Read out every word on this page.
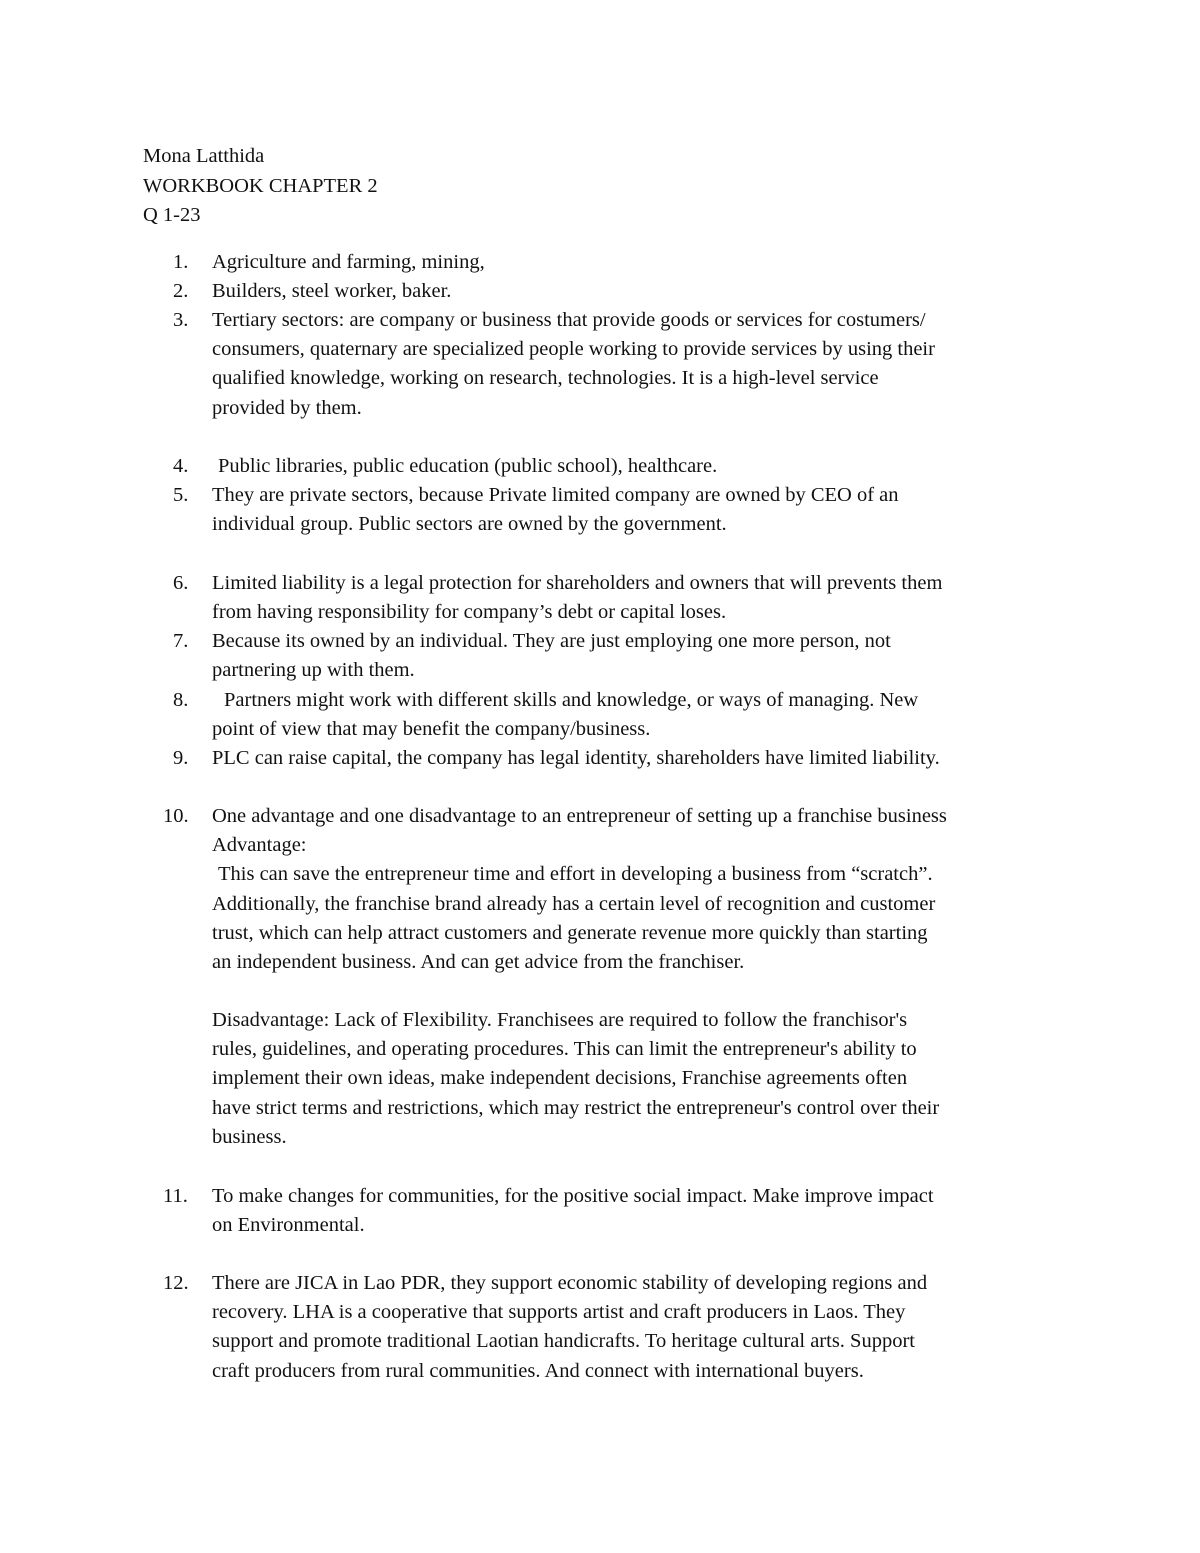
Mona Latthida
WORKBOOK CHAPTER 2
Q 1-23
1.	Agriculture and farming, mining,
2.	Builders, steel worker, baker.
3.	Tertiary sectors: are company or business that provide goods or services for costumers/
consumers, quaternary are specialized people working to provide services by using their
qualified knowledge, working on research, technologies. It is a high-level service
provided by them.
4.	Public libraries, public education (public school), healthcare.
5.	They are private sectors, because Private limited company are owned by CEO of an
individual group. Public sectors are owned by the government.
6.	Limited liability is a legal protection for shareholders and owners that will prevents them
from having responsibility for company’s debt or capital loses.
7.	Because its owned by an individual. They are just employing one more person, not
partnering up with them.
8.	Partners might work with different skills and knowledge, or ways of managing. New
point of view that may benefit the company/business.
9.	PLC can raise capital, the company has legal identity, shareholders have limited liability.
10.	One advantage and one disadvantage to an entrepreneur of setting up a franchise business
Advantage:
This can save the entrepreneur time and effort in developing a business from “scratch”.
Additionally, the franchise brand already has a certain level of recognition and customer
trust, which can help attract customers and generate revenue more quickly than starting
an independent business. And can get advice from the franchiser.
Disadvantage: Lack of Flexibility. Franchisees are required to follow the franchisor's
rules, guidelines, and operating procedures. This can limit the entrepreneur's ability to
implement their own ideas, make independent decisions, Franchise agreements often
have strict terms and restrictions, which may restrict the entrepreneur's control over their
business.
11.	To make changes for communities, for the positive social impact. Make improve impact
on Environmental.
12.	There are JICA in Lao PDR, they support economic stability of developing regions and
recovery. LHA is a cooperative that supports artist and craft producers in Laos. They
support and promote traditional Laotian handicrafts. To heritage cultural arts. Support
craft producers from rural communities. And connect with international buyers.
